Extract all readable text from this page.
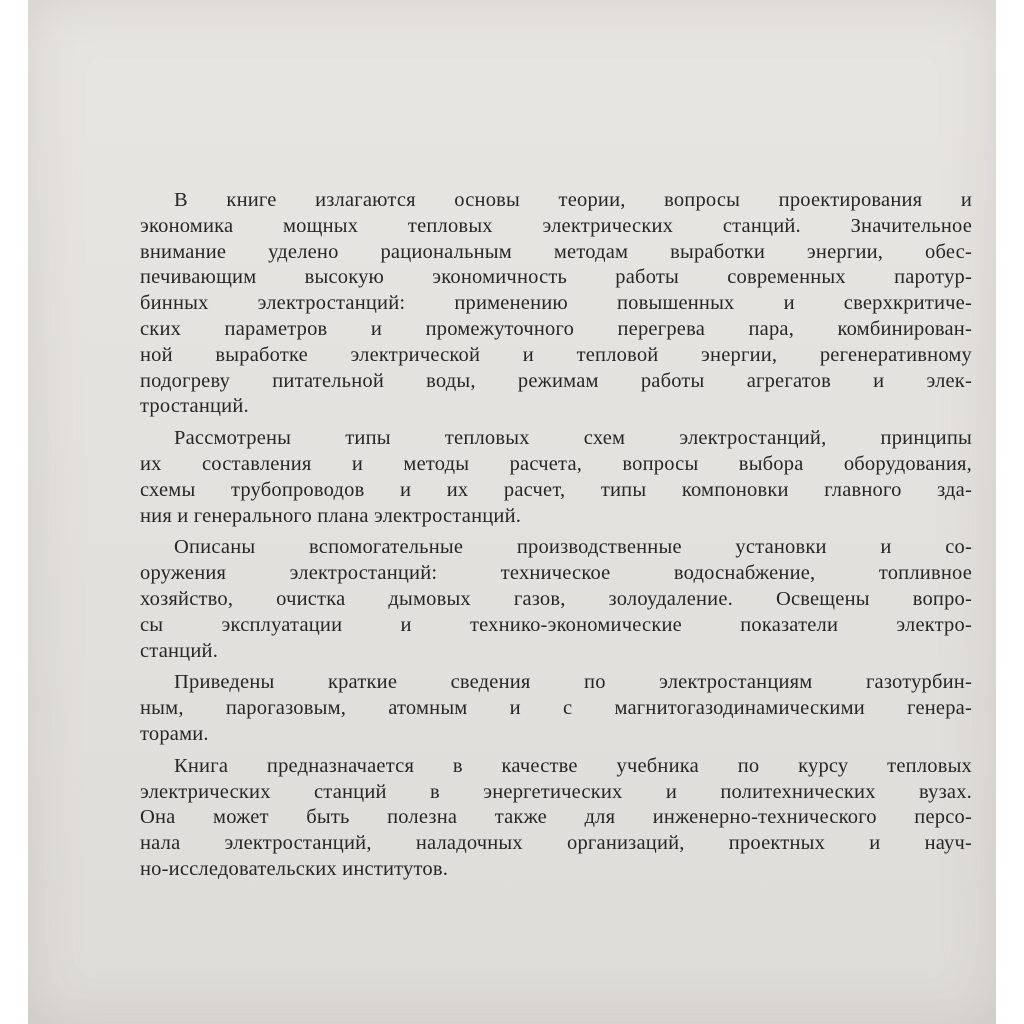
В книге излагаются основы теории, вопросы проектирования и
экономика мощных тепловых электрических станций. Значительное
внимание уделено рациональным методам выработки энергии, обес-
печивающим высокую экономичность работы современных паротур-
бинных электростанций: применению повышенных и сверхкритиче-
ских параметров и промежуточного перегрева пара, комбинирован-
ной выработке электрической и тепловой энергии, регенеративному
подогреву питательной воды, режимам работы агрегатов и элек-
тростанций.
Рассмотрены типы тепловых схем электростанций, принципы
их составления и методы расчета, вопросы выбора оборудования,
схемы трубопроводов и их расчет, типы компоновки главного зда-
ния и генерального плана электростанций.
Описаны вспомогательные производственные установки и со-
оружения электростанций: техническое водоснабжение, топливное
хозяйство, очистка дымовых газов, золоудаление. Освещены вопро-
сы эксплуатации и технико-экономические показатели электро-
станций.
Приведены краткие сведения по электростанциям газотурбин-
ным, парогазовым, атомным и с магнитогазодинамическими генера-
торами.
Книга предназначается в качестве учебника по курсу тепловых
электрических станций в энергетических и политехнических вузах.
Она может быть полезна также для инженерно-технического персо-
нала электростанций, наладочных организаций, проектных и науч-
но-исследовательских институтов.
